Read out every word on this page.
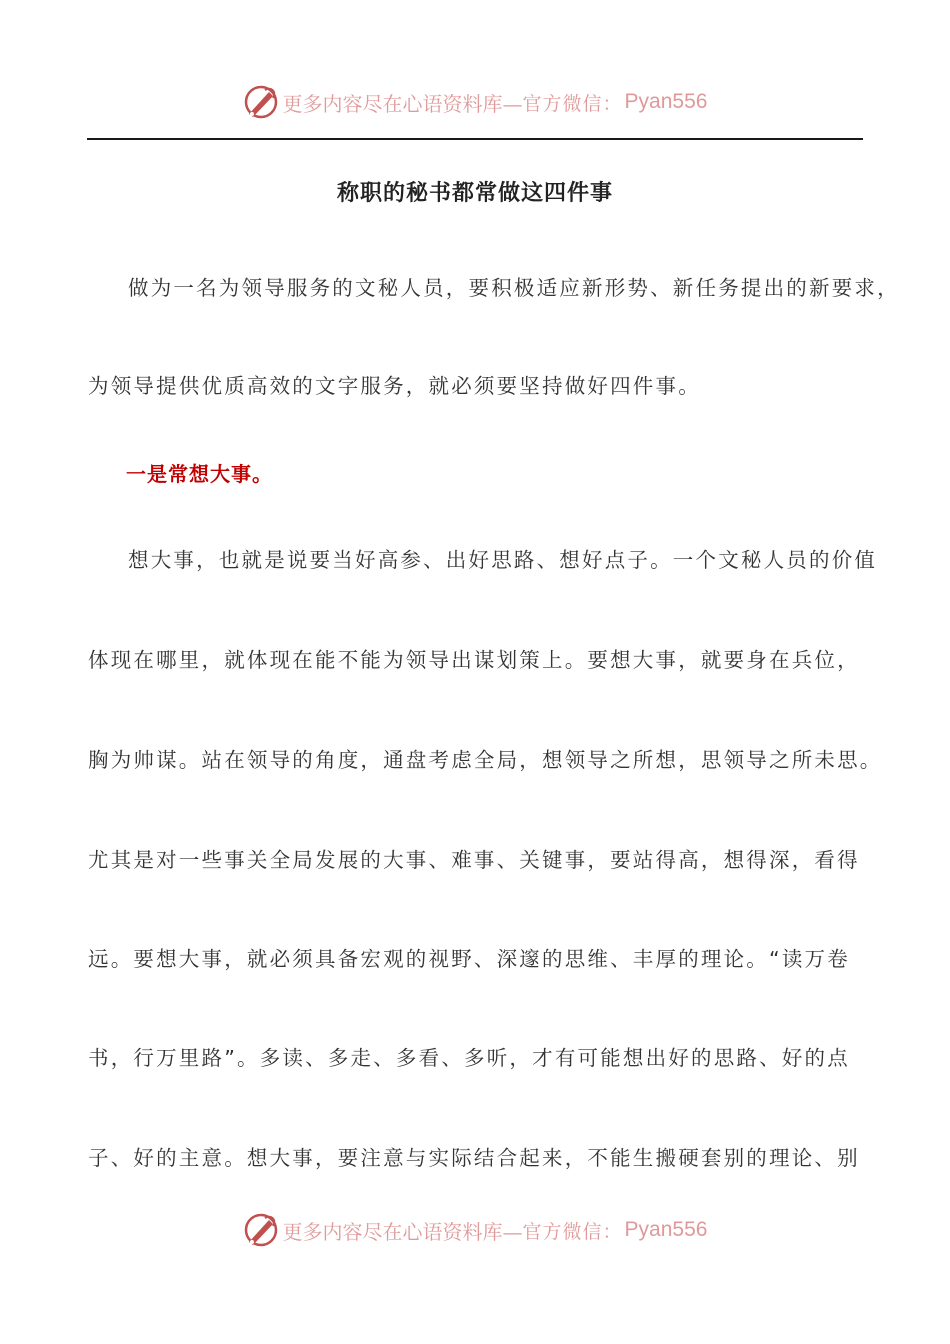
更多内容尽在心语资料库— 官方微信： Pyan556
称职的秘书都常做这四件事
做为一名为领导服务的文秘人员，要积极适应新形势、新任务提出的新要求，
为领导提供优质高效的文字服务，就必须要坚持做好四件事。
一是常想大事。
想大事，也就是说要当好高参、出好思路、想好点子。一个文秘人员的价值
体现在哪里，就体现在能不能为领导出谋划策上。要想大事，就要身在兵位，
胸为帅谋。站在领导的角度，通盘考虑全局，想领导之所想，思领导之所未思。
尤其是对一些事关全局发展的大事、难事、关键事，要站得高，想得深，看得
远。要想大事，就必须具备宏观的视野、深邃的思维、丰厚的理论。“读万卷
书，行万里路”。多读、多走、多看、多听，才有可能想出好的思路、好的点
子、好的主意。想大事，要注意与实际结合起来，不能生搬硬套别的理论、别
更多内容尽在心语资料库— 官方微信： Pyan556
